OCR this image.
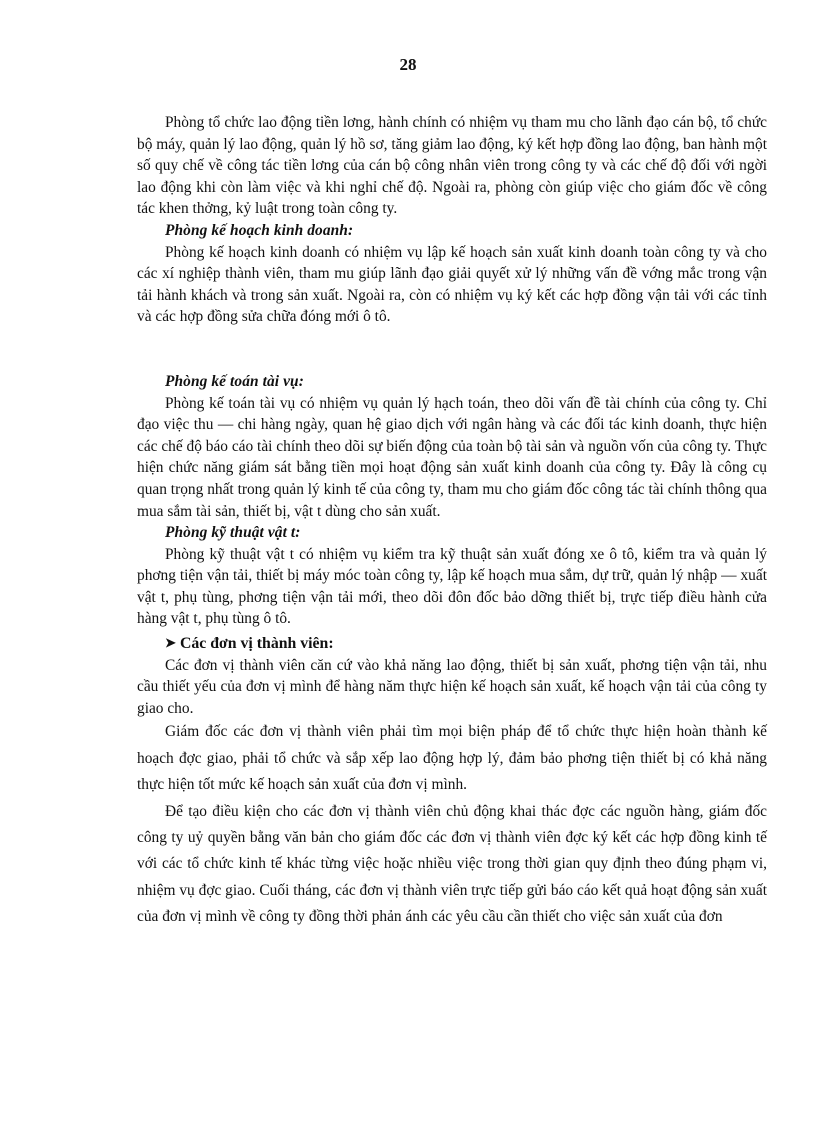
28

Phòng tổ chức lao động tiền lơng, hành chính có nhiệm vụ tham mu cho lãnh đạo cán bộ, tổ chức bộ máy, quản lý lao động, quản lý hồ sơ, tăng giảm lao động, ký kết hợp đồng lao động, ban hành một số quy chế về công tác tiền lơng của cán bộ công nhân viên trong công ty và các chế độ đối với ngời lao động khi còn làm việc và khi nghỉ chế độ. Ngoài ra, phòng còn giúp việc cho giám đốc về công tác khen thởng, kỷ luật trong toàn công ty.

Phòng kế hoạch kinh doanh:

Phòng kế hoạch kinh doanh có nhiệm vụ lập kế hoạch sản xuất kinh doanh toàn công ty và cho các xí nghiệp thành viên, tham mu giúp lãnh đạo giải quyết xử lý những vấn đề vớng mắc trong vận tải hành khách và trong sản xuất. Ngoài ra, còn có nhiệm vụ ký kết các hợp đồng vận tải với các tỉnh và các hợp đồng sửa chữa đóng mới ô tô.

Phòng kế toán tài vụ:

Phòng kế toán tài vụ có nhiệm vụ quản lý hạch toán, theo dõi vấn đề tài chính của công ty. Chỉ đạo việc thu — chi hàng ngày, quan hệ giao dịch với ngân hàng và các đối tác kinh doanh, thực hiện các chế độ báo cáo tài chính theo dõi sự biến động của toàn bộ tài sản và nguồn vốn của công ty. Thực hiện chức năng giám sát bằng tiền mọi hoạt động sản xuất kinh doanh của công ty. Đây là công cụ quan trọng nhất trong quản lý kinh tế của công ty, tham mu cho giám đốc công tác tài chính thông qua mua sắm tài sản, thiết bị, vật t dùng cho sản xuất.

Phòng kỹ thuật vật t:

Phòng kỹ thuật vật t có nhiệm vụ kiểm tra kỹ thuật sản xuất đóng xe ô tô, kiểm tra và quản lý phơng tiện vận tải, thiết bị máy móc toàn công ty, lập kế hoạch mua sắm, dự trữ, quản lý nhập — xuất vật t, phụ tùng, phơng tiện vận tải mới, theo dõi đôn đốc bảo dỡng thiết bị, trực tiếp điều hành cửa hàng vật t, phụ tùng ô tô.

➤ Các đơn vị thành viên:

Các đơn vị thành viên căn cứ vào khả năng lao động, thiết bị sản xuất, phơng tiện vận tải, nhu cầu thiết yếu của đơn vị mình để hàng năm thực hiện kế hoạch sản xuất, kế hoạch vận tải của công ty giao cho.

Giám đốc các đơn vị thành viên phải tìm mọi biện pháp để tổ chức thực hiện hoàn thành kế hoạch đợc giao, phải tổ chức và sắp xếp lao động hợp lý, đảm bảo phơng tiện thiết bị có khả năng thực hiện tốt mức kế hoạch sản xuất của đơn vị mình.

Để tạo điều kiện cho các đơn vị thành viên chủ động khai thác đợc các nguồn hàng, giám đốc công ty uỷ quyền bằng văn bản cho giám đốc các đơn vị thành viên đợc ký kết các hợp đồng kinh tế với các tổ chức kinh tế khác từng việc hoặc nhiều việc trong thời gian quy định theo đúng phạm vi, nhiệm vụ đợc giao. Cuối tháng, các đơn vị thành viên trực tiếp gửi báo cáo kết quả hoạt động sản xuất của đơn vị mình về công ty đồng thời phản ánh các yêu cầu cần thiết cho việc sản xuất của đơn
